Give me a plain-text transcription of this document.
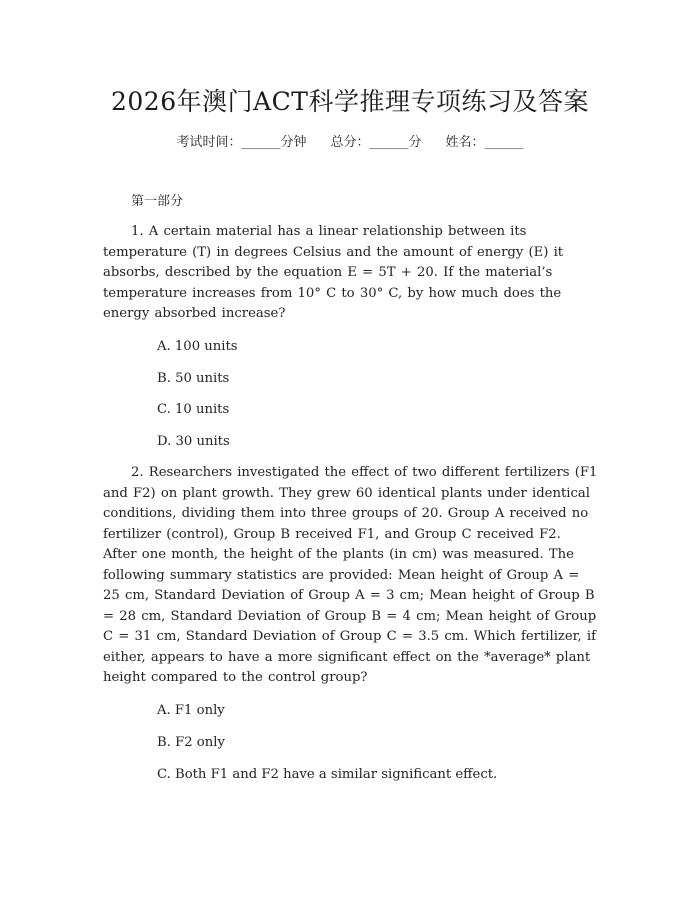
2026年澳门ACT科学推理专项练习及答案
考试时间：______分钟 总分：______分 姓名：______
第一部分
1. A certain material has a linear relationship between its temperature (T) in degrees Celsius and the amount of energy (E) it absorbs, described by the equation E = 5T + 20. If the material’s temperature increases from 10° C to 30° C, by how much does the energy absorbed increase?
A. 100 units
B. 50 units
C. 10 units
D. 30 units
2. Researchers investigated the effect of two different fertilizers (F1 and F2) on plant growth. They grew 60 identical plants under identical conditions, dividing them into three groups of 20. Group A received no fertilizer (control), Group B received F1, and Group C received F2. After one month, the height of the plants (in cm) was measured. The following summary statistics are provided: Mean height of Group A = 25 cm, Standard Deviation of Group A = 3 cm; Mean height of Group B = 28 cm, Standard Deviation of Group B = 4 cm; Mean height of Group C = 31 cm, Standard Deviation of Group C = 3.5 cm. Which fertilizer, if either, appears to have a more significant effect on the *average* plant height compared to the control group?
A. F1 only
B. F2 only
C. Both F1 and F2 have a similar significant effect.
